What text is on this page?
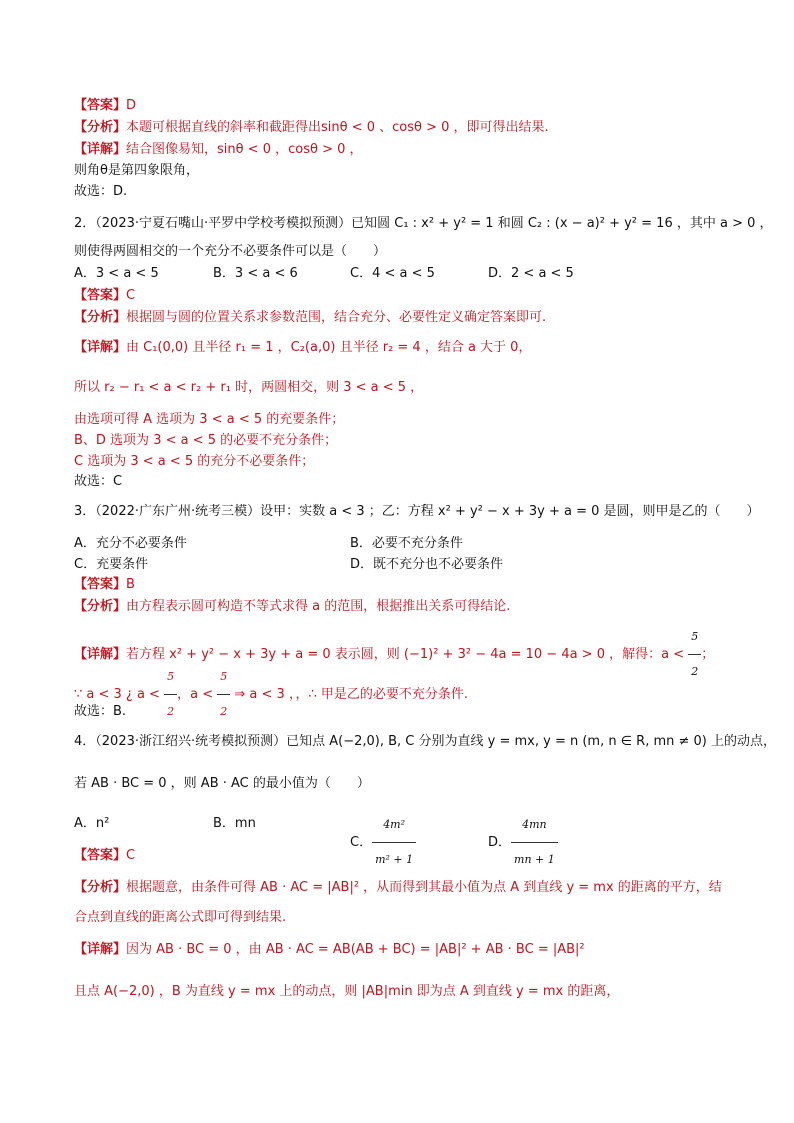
【答案】D
【分析】本题可根据直线的斜率和截距得出sinθ < 0 、cosθ > 0 ，即可得出结果.
【详解】结合图像易知，sinθ < 0 ，cosθ > 0 ，
则角θ是第四象限角，
故选：D.
2．（2023·宁夏石嘴山·平罗中学校考模拟预测）已知圆 C₁ : x² + y² = 1 和圆 C₂ : (x − a)² + y² = 16 ，其中 a > 0 ，
则使得两圆相交的一个充分不必要条件可以是（　　）
A．3 < a < 5	B．3 < a < 6	C．4 < a < 5	D．2 < a < 5
【答案】C
【分析】根据圆与圆的位置关系求参数范围，结合充分、必要性定义确定答案即可.
【详解】由 C₁(0,0) 且半径 r₁ = 1 ，C₂(a,0) 且半径 r₂ = 4 ，结合 a 大于 0，
所以 r₂ − r₁ < a < r₂ + r₁ 时，两圆相交，则 3 < a < 5 ，
由选项可得 A 选项为 3 < a < 5 的充要条件；
B、D 选项为 3 < a < 5 的必要不充分条件；
C 选项为 3 < a < 5 的充分不必要条件；
故选：C
3．（2022·广东广州·统考三模）设甲：实数 a < 3 ；乙：方程 x² + y² − x + 3y + a = 0 是圆，则甲是乙的（　　）
A．充分不必要条件	B．必要不充分条件
C．充要条件	D．既不充分也不必要条件
【答案】B
【分析】由方程表示圆可构造不等式求得 a 的范围，根据推出关系可得结论.
【详解】若方程 x² + y² − x + 3y + a = 0 表示圆，则 (−1)² + 3² − 4a = 10 − 4a > 0 ，解得：$a < \frac{5}{2}$ ；
∵ a < 3 ¿ $a < \frac{5}{2}$ ，$a < \frac{5}{2}$ ⇒ a < 3 ，，∴ 甲是乙的必要不充分条件.
故选：B.
4．（2023·浙江绍兴·统考模拟预测）已知点 A(−2,0), B, C 分别为直线 y = mx, y = n (m, n ∈ R, mn ≠ 0) 上的动点，
若 AB · BC = 0 ，则 AB · AC 的最小值为（　　）
A．n²	B．mn
C． $\frac{\text{4m²}}{\text{m² + 1}}$	D． $\frac{4mn}{mn + 1}$
【答案】C
【分析】根据题意，由条件可得 AB · AC = |AB|² ，从而得到其最小值为点 A 到直线 y = mx 的距离的平方，结
合点到直线的距离公式即可得到结果.
【详解】因为 AB · BC = 0 ，由 AB · AC = AB(AB + BC) = |AB|² + AB · BC = |AB|²
且点 A(−2,0) ，B 为直线 y = mx 上的动点，则 |AB|min 即为点 A 到直线 y = mx 的距离，
